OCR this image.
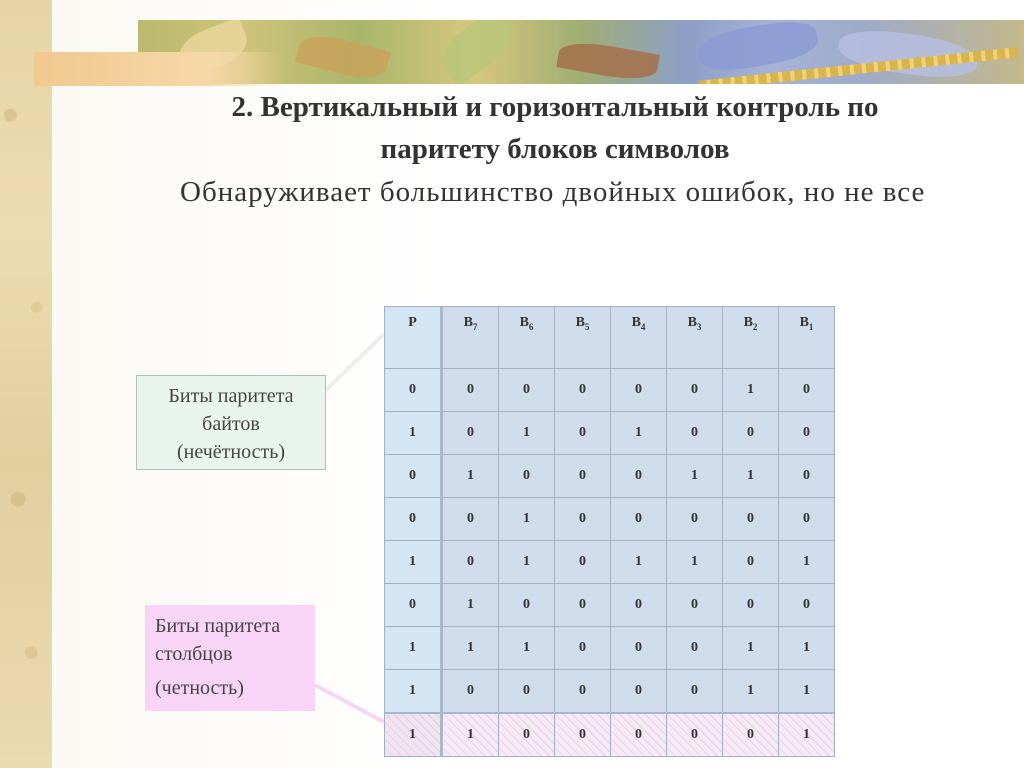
2. Вертикальный и горизонтальный контроль по
паритету блоков символов
Обнаруживает большинство двойных ошибок, но не все
Биты паритета
байтов
(нечётность)
Биты паритета
столбцов
(четность)
P	$B_7$	$B_6$	$B_5$	$B_4$	$B_3$	$B_2$	$B_1$
0	0	0	0	0	0	1	0
1	0	1	0	1	0	0	0
0	1	0	0	0	1	1	0
0	0	1	0	0	0	0	0
1	0	1	0	1	1	0	1
0	1	0	0	0	0	0	0
1	1	1	0	0	0	1	1
1	0	0	0	0	0	1	1
1	1	0	0	0	0	0	1
